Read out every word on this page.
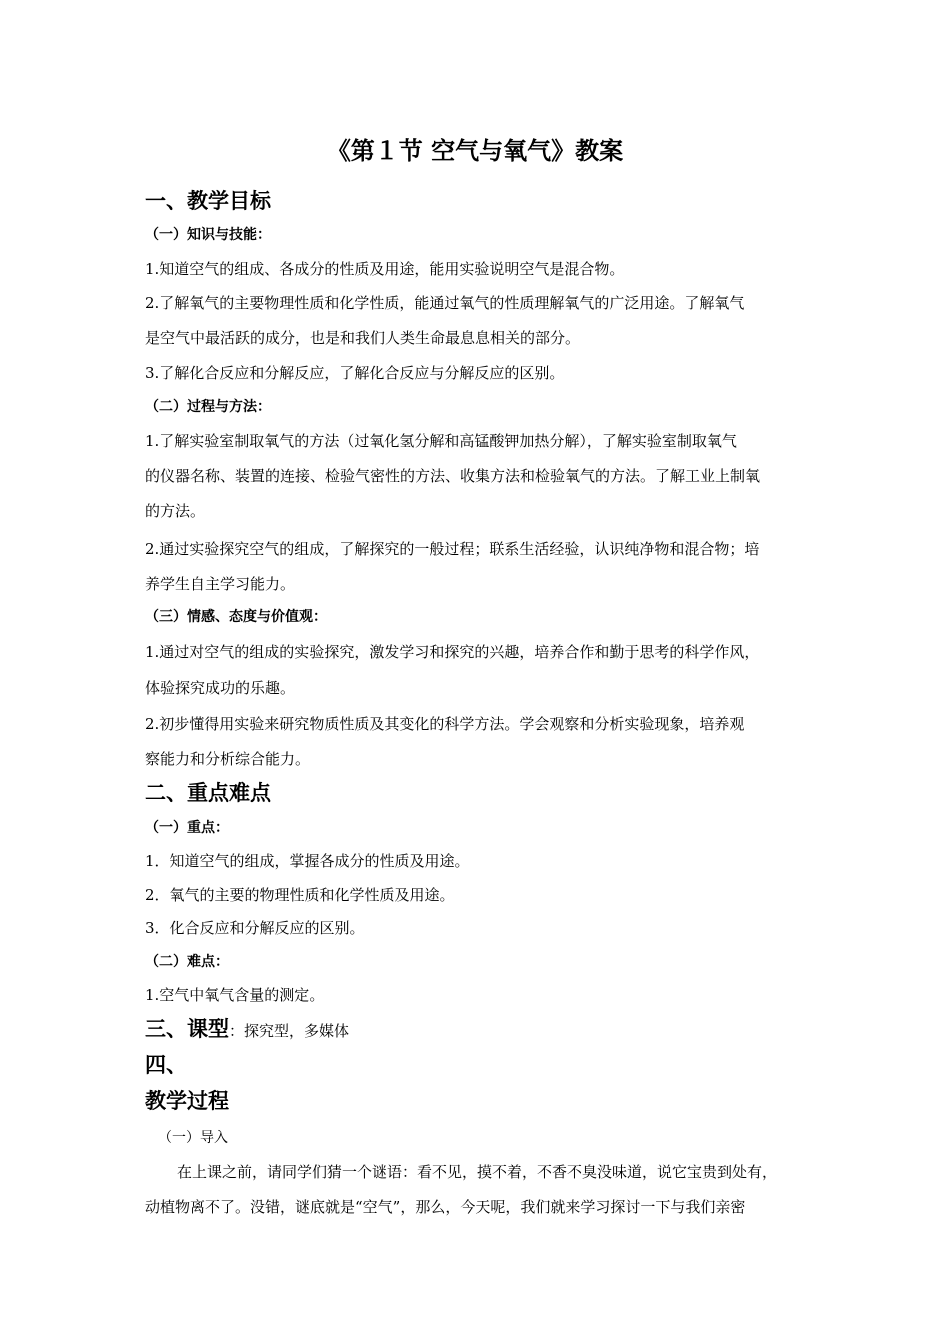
《第１节 空气与氧气》教案
一、教学目标
（一）知识与技能：
1.知道空气的组成、各成分的性质及用途，能用实验说明空气是混合物。
2.了解氧气的主要物理性质和化学性质，能通过氧气的性质理解氧气的广泛用途。了解氧气
是空气中最活跃的成分，也是和我们人类生命最息息相关的部分。
3.了解化合反应和分解反应，了解化合反应与分解反应的区别。
（二）过程与方法：
1.了解实验室制取氧气的方法（过氧化氢分解和高锰酸钾加热分解），了解实验室制取氧气
的仪器名称、装置的连接、检验气密性的方法、收集方法和检验氧气的方法。了解工业上制氧
的方法。
2.通过实验探究空气的组成，了解探究的一般过程；联系生活经验，认识纯净物和混合物；培
养学生自主学习能力。
（三）情感、态度与价值观：
1.通过对空气的组成的实验探究，激发学习和探究的兴趣，培养合作和勤于思考的科学作风，
体验探究成功的乐趣。
2.初步懂得用实验来研究物质性质及其变化的科学方法。学会观察和分析实验现象，培养观
察能力和分析综合能力。
二、重点难点
（一）重点：
1．知道空气的组成，掌握各成分的性质及用途。
2．氧气的主要的物理性质和化学性质及用途。
3．化合反应和分解反应的区别。
（二）难点：
1.空气中氧气含量的测定。
三、课型：探究型，多媒体
四、
教学过程
（一）导入
在上课之前，请同学们猜一个谜语：看不见，摸不着，不香不臭没味道，说它宝贵到处有，
动植物离不了。没错，谜底就是“空气”，那么，今天呢，我们就来学习探讨一下与我们亲密
